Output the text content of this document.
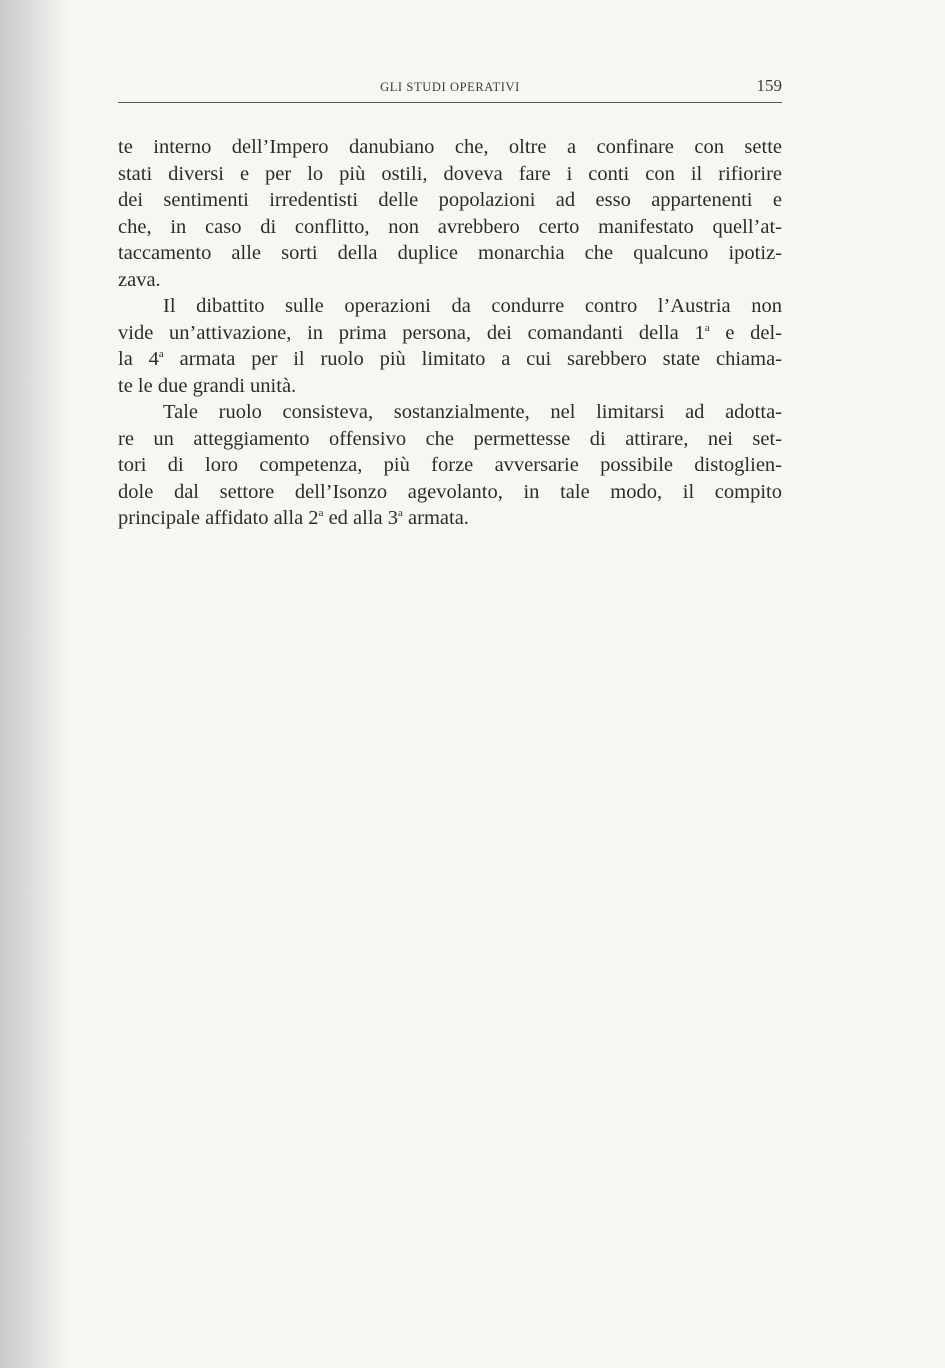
GLI STUDI OPERATIVI	159
te interno dell’Impero danubiano che, oltre a confinare con sette
stati diversi e per lo più ostili, doveva fare i conti con il rifiorire
dei sentimenti irredentisti delle popolazioni ad esso appartenenti e
che, in caso di conflitto, non avrebbero certo manifestato quell’at-
taccamento alle sorti della duplice monarchia che qualcuno ipotiz-
zava.
Il dibattito sulle operazioni da condurre contro l’Austria non
vide un’attivazione, in prima persona, dei comandanti della 1$^a$ e del-
la 4$^a$ armata per il ruolo più limitato a cui sarebbero state chiama-
te le due grandi unità.
Tale ruolo consisteva, sostanzialmente, nel limitarsi ad adotta-
re un atteggiamento offensivo che permettesse di attirare, nei set-
tori di loro competenza, più forze avversarie possibile distoglien-
dole dal settore dell’Isonzo agevolanto, in tale modo, il compito
principale affidato alla 2$^a$ ed alla 3$^a$ armata.
